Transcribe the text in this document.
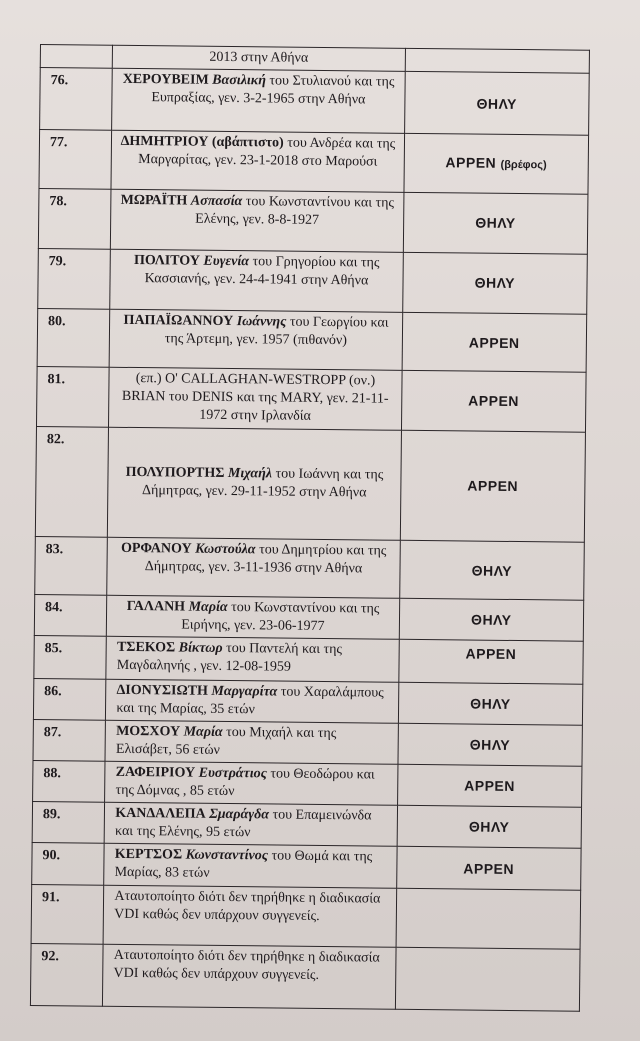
	2013 στην Αθήνα	
76.	ΧΕΡΟΥΒΕΙΜ Βασιλική του Στυλιανού και της Ευπραξίας, γεν. 3-2-1965 στην Αθήνα	ΘΗΛΥ
77.	ΔΗΜΗΤΡΙΟΥ (αβάπτιστο) του Ανδρέα και της Μαργαρίτας, γεν. 23-1-2018 στο Μαρούσι	ΑΡΡΕΝ (βρέφος)
78.	ΜΩΡΑΪΤΗ Ασπασία του Κωνσταντίνου και της Ελένης, γεν. 8-8-1927	ΘΗΛΥ
79.	ΠΟΛΙΤΟΥ Ευγενία του Γρηγορίου και της Κασσιανής, γεν. 24-4-1941 στην Αθήνα	ΘΗΛΥ
80.	ΠΑΠΑΪΩΑΝΝΟΥ Ιωάννης του Γεωργίου και της Άρτεμη, γεν. 1957 (πιθανόν)	ΑΡΡΕΝ
81.	(επ.) Ο' CALLAGHAN-WESTROPP (ον.) BRIAN του DENIS και της MARY, γεν. 21-11-1972 στην Ιρλανδία	ΑΡΡΕΝ
82.	ΠΟΛΥΠΟΡΤΗΣ Μιχαήλ του Ιωάννη και της Δήμητρας, γεν. 29-11-1952 στην Αθήνα	ΑΡΡΕΝ
83.	ΟΡΦΑΝΟΥ Κωστούλα του Δημητρίου και της Δήμητρας, γεν. 3-11-1936 στην Αθήνα	ΘΗΛΥ
84.	ΓΑΛΑΝΗ Μαρία του Κωνσταντίνου και της Ειρήνης, γεν. 23-06-1977	ΘΗΛΥ
85.	ΤΣΕΚΟΣ Βίκτωρ του Παντελή και της Μαγδαληνής , γεν. 12-08-1959	ΑΡΡΕΝ
86.	ΔΙΟΝΥΣΙΩΤΗ Μαργαρίτα του Χαραλάμπους και της Μαρίας, 35 ετών	ΘΗΛΥ
87.	ΜΟΣΧΟΥ Μαρία του Μιχαήλ και της Ελισάβετ, 56 ετών	ΘΗΛΥ
88.	ΖΑΦΕΙΡΙΟΥ Ευστράτιος του Θεοδώρου και της Δόμνας , 85 ετών	ΑΡΡΕΝ
89.	ΚΑΝΔΑΛΕΠΑ Σμαράγδα του Επαμεινώνδα και της Ελένης, 95 ετών	ΘΗΛΥ
90.	ΚΕΡΤΣΟΣ Κωνσταντίνος του Θωμά και της Μαρίας, 83 ετών	ΑΡΡΕΝ
91.	Αταυτοποίητο διότι δεν τηρήθηκε η διαδικασία VDI καθώς δεν υπάρχουν συγγενείς.	
92.	Αταυτοποίητο διότι δεν τηρήθηκε η διαδικασία VDI καθώς δεν υπάρχουν συγγενείς.	
